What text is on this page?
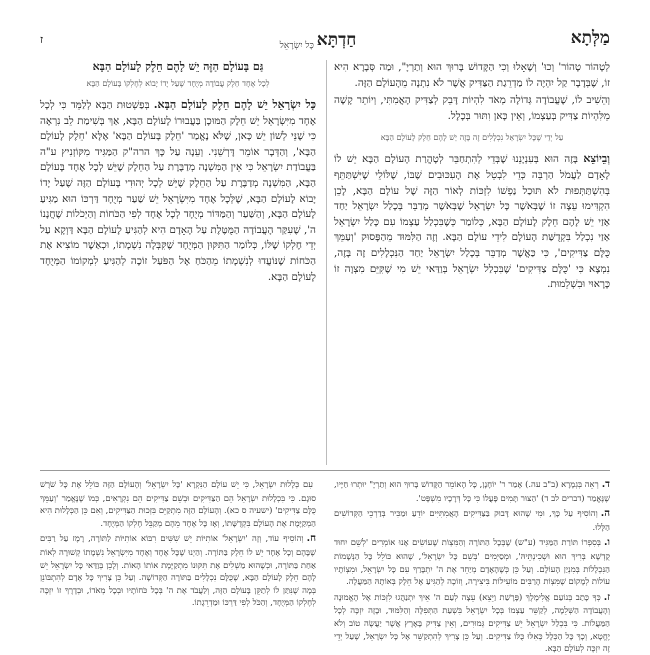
מַלְּתָא
חַדְתָּא כָּל יִשְׂרָאֵל
ז

לְטָהוֹר טָהוֹר' וְכוּ' וְשֶׁאָלוּ וְכִי הַקָּדוֹשׁ בָּרוּךְ הוּא וְתַרְיָ", וּמַה סְּבָרָא הִיא זוֹ, שֶׁבְּדָבָר קַל יִהְיֶה לוֹ מַדְרֵגַת הַצַּדִּיק אֲשֶׁר לֹא נִתְנָה מֵהָעוֹלָם הַזֶּה.

וְהֵשִׁיב לוֹ, שֶׁעֲבוֹדָה גְּדוֹלָה מְאֹד לִהְיוֹת דָּבֵק לְצַדִּיק הָאֲמִתִּי, וְיוֹתֵר קָשֶׁה מֵלִּהְיוֹת צַדִּיק בְּעַצְמוֹ, וְאֵין כָּאן וִתּוּר בְּכָלָל.

עַל יְדֵי שֶׁכָּל יִשְׂרָאֵל נִכְלָלִים זֶה בָּזֶה יֵשׁ לָהֶם חֵלֶק לָעוֹלָם הַבָּא

וְבֵיוֹצֵא בָּזֶה הוּא בְּעִנְיָנֵנוּ שֶׁבְּדֵי לְהִתְחַבֵּר לְטָהֳרַת הָעוֹלָם הַבָּא יֵשׁ לוֹ לָאָדָם לַעֲמֹל הַרְבֵּה כְּדֵי לִבְטֵל אֶת הָעִכּוּבִים שֶׁבּוֹ, שֶׁלּוֹלֵי שֶׁיִּשְׁתַּתֵּף בְּהִשְׁתַּתְּפוּת לֹא תּוּכַל נַפְשׁוֹ לִזְכּוֹת לְאוֹר הַזֶּה שֶׁל עוֹלָם הַבָּא, לָכֵן הִקְדִּימוּ עֵצָה זוֹ שֶׁבְּאֹשֶׁר כָּל יִשְׂרָאֵל שֶׁבְּאֹשֶׁר מְדַבֵּר בְּכָלַל יִשְׂרָאֵל יַחַד אַזַי יֵשׁ לָהֶם חֵלֶק לָעוֹלָם הַבָּא, כְּלוֹמַר כְּשֶׁבִּכְלַל עַצְמוֹ עִם כָּלַל יִשְׂרָאֵל אַזַי נִכְלַל בִּקְדֻשַּׁת הָעוֹלָם לִידֵי עוֹלָם הַבָּא. וְזֶה הַלִּמּוּד מֵהַפָּסוּק 'וְעַמֵּךְ כֻּלָּם צַדִּיקִים', כִּי כַּאֲשֶׁר מְדַבֵּר בְּכָלַל יִשְׂרָאֵל יַחַד הַנִּכְלָלִים זֶה בָּזֶה, נִמְצָא כִּי 'כֻּלָּם צַדִּיקִים' שֶׁבִּכְלַל יִשְׂרָאֵל בְּוַדַּאי יֵשׁ מִי שֶׁקִּיֵּם מִצְוָה זוֹ כָּרָאוּי וּבִשְׁלֵמוּת.

גַּם בָּעוֹלָם הַזֶּה יֵשׁ לָהֶם חֵלֶק לָעוֹלָם הַבָּא

לְכָל אֶחָד חֵלֶק עֲבוֹדָה מְיֻחָד שֶׁעַל יָדוֹ יָבוֹא לְחֶלְקוֹ בָּעוֹלָם הַבָּא

כָּל יִשְׂרָאֵל יֵשׁ לָהֶם חֵלֶק לָעוֹלָם הַבָּא. בְּפַשְׁטוּת הַבָּא לְלַמֵּד כִּי לְכָל אֶחָד מִיִּשְׂרָאֵל יֵשׁ חֵלֶק הַמּוּכָן בַּעֲבוּרוֹ לָעוֹלָם הַבָּא, אַךְ בְּשִׁימַת לֵב נִרְאֶה כִּי שֶׁנֵּי לְשׁוֹן יֵשׁ כָּאן, שֶׁלֹּא נֶאֱמַר 'חֵלֶק בָּעוֹלָם הַבָּא' אֶלָּא 'חֵלֶק לָעוֹלָם הַבָּא', וְהַדְּבָר אוֹמֵר דָּרְשֵׁנִי. וְעֵנָה עַל כָּךְ הרה"ק הַמַּגִּיד מִקּוֹזְנִיץ ע"ה בַּעֲבוֹדַת יִשְׂרָאֵל כִּי אֵין הַמִּשְׁנָה מְדַבֶּרֶת עַל הַחֵלֶק שֶׁיֵּשׁ לְכָל אֶחָד בָּעוֹלָם הַבָּא, הַמִּשְׁנָה מְדַבֶּרֶת עַל הַחֵלֶק שֶׁיֵּשׁ לְכָל יְהוּדִי בָּעוֹלָם הַזֶּה שֶׁעַל יָדוֹ יָבוֹא לָעוֹלָם הַבָּא, שֶׁלְּכָל אֶחָד מִיִּשְׂרָאֵל יֵשׁ שַׁעַר מְיֻחָד דַּרְכּוֹ הוּא מַגִּיעַ לָעוֹלָם הַבָּא, וְהַשַּׁעַר וְהַמַּדּוֹר מְיֻחָד לְכָל אֶחָד לְפִי הַכֹּחוֹת וְהַיְכֹלוֹת שֶׁחֲנָנוֹ ה', שֶׁעִקַּר הָעֲבוֹדָה הַמֻּטֶּלֶת עַל הָאָדָם הִיא לְהַגִּיעַ לָעוֹלָם הַבָּא דַּוְקָא עַל יְדֵי חֶלְקוֹ שֶׁלּוֹ, כְּלוֹמַר הַתִּקּוּן הַמְּיֻחָד שֶׁקִּבְּלָה נִשְׁמָתוֹ, וּכְאַשֶׁר מוֹצִיא אֶת הַכֹּחוֹת שֶׁנּוֹעֲדוּ לְנִשְׁמָתוֹ מֵהַכֹּחַ אֶל הַפֹּעַל זוֹכֶה לְהַגִּיעַ לִמְקוֹמוֹ הַמְּיֻחָד לָעוֹלָם הַבָּא.

ד.רְאֵה בְּגְמָרָא (ב"ב עה.) אָמַר ר' יוֹחָנָן, כָּל הָאוֹמֵר הַקָּדוֹשׁ בָּרוּךְ הוּא וְתַרְיָ" יוּתְרוּ חַיָּיו, שֶׁנֶּאֱמַר (דברים לב ד) 'הַצּוּר תָּמִים פָּעֳלוֹ כִּי כָּל דְּרָכָיו מִשְׁפָּט'.

ה.וְהוֹסִיף עַל כָּךְ, וּמִי שֶׁהוּא דָּבוּק בַּצַּדִּיקִים הָאֲמִתִּיִּים יוֹדֵעַ וּמַכִּיר בְּדַרְכֵי הַקְּדוֹשִׁים הַלָּלוּ.

ו.בְּסִפְרוֹ תּוֹרַת הַמַּגִּיד (ע"ש) שֶׁבְּכָל הַתּוֹרָה וְהַמִּצְוֹת שֶׁעוֹשִׂים אָנוּ אוֹמְרִים 'לְשֵׁם יִחוּד קֻדְשָׁא בְּרִיךְ הוּא וּשְׁכִינְתֵּיהּ', וּמְסַיְּמִים 'בְּשֵׁם כָּל יִשְׂרָאֵל', שֶׁהוּא כּוֹלֵל כָּל הַנְּשָׁמוֹת הַנִּכְלָלוֹת בְּמִנְיַן הָעוֹלָם. וְעַל כֵּן כְּשֶׁהָאָדָם מְיַחֵד אֶת ה' יִתְבָּרַךְ עִם כָּל יִשְׂרָאֵל, וּמִצְוֹתָיו עוֹלוֹת לְמָקוֹם שֶׁמִּצְוֹת הָרַבִּים מוֹעִילוֹת בִּיצִירָה, וְזוֹכֶה לְהַגִּיעַ אֶל חֵלֶק בְּאוֹתָהּ הַמַּעֲלָה.

ז.כְּךָ כָּתַב בְּנוֹעַם אֱלִימֶלֶךְ (פָּרָשַׁת וַיֵּצֵא) עֵצָה לְעַם ה' אֵיךְ יִתְנַהֲגוּ לִזְכּוֹת אֶל הָאֱמוּנָה וְהָעֲבוֹדָה הַשְּׁלֵמָה, לְקַשֵּׁר עַצְמוֹ בְּכָל יִשְׂרָאֵל בִּשְׁעַת הַתְּפִלָּה וְהַלִּמּוּד, וּבָזֶה יִזְכֶּה לְכָל הַמַּעֲלוֹת. כִּי בִּכְלַל יִשְׂרָאֵל יֵשׁ צַדִּיקִים גְּמוּרִים, וְאֵין צַדִּיק בָּאָרֶץ אֲשֶׁר יַעֲשֶׂה טוֹב וְלֹא יֶחֱטָא, וְכָךְ כָּל הַכְּלָל כְּאִלּוּ כֻּלּוֹ צַדִּיקִים. וְעַל כֵּן צָרִיךְ לְהִתְקַשֵּׁר אֶל כָּל יִשְׂרָאֵל, שֶׁעַל יְדֵי זֶה יִזְכֶּה לְעוֹלָם הַבָּא.

עִם כְּלָלוּת יִשְׂרָאֵל, כִּי יֵשׁ עוֹלָם הַנִּקְרָא 'כָּל יִשְׂרָאֵל' וְהָעוֹלָם הַזֶּה כּוֹלֵל אֶת כָּל שֹׁרֶשׁ סוּגָם. כִּי בִּכְלָלוּת יִשְׂרָאֵל הֵם הַצַּדִּיקִים וּבְשֵׁם צַדִּיקִים הֵם נִקְרָאִים, כְּמוֹ שֶׁנֶּאֱמַר 'וְעַמֵּךְ כֻּלָּם צַדִּיקִים' (ישעיה ס כא). וְהָעוֹלָם הַזֶּה מִתְקַיֵּם בִּזְכוּת הַצַּדִּיקִים, וְאִם כֵּן הַכְּלָלוּת הִיא הַמְקַיֶּמֶת אֶת הָעוֹלָם בִּקְדֻשָּׁתוֹ, וְאָז כָּל אֶחָד מֵהֶם מְקַבֵּל חֶלְקוֹ הַמְּיֻחָד.

ח.וְהוֹסִיף עוֹד, וְזֶה 'יִשְׂרָאֵל' אוֹתִיּוֹת יֵשׁ שִׁשִּׁים רִבּוֹא אוֹתִיּוֹת לַתּוֹרָה, רָמֶז עַל רַבִּים שֶׁבָּהֶם וְכָל אֶחָד יֵשׁ לוֹ חֵלֶק בַּתּוֹרָה. וְהַיְנוּ שֶׁכָּל אֶחָד וְאֶחָד מִיִּשְׂרָאֵל נִשְׁמָתוֹ קְשׁוּרָה לְאוֹת אַחַת בַּתּוֹרָה, וּכְשֶׁהוּא מַשְׁלִים אֶת תִּקּוּנוֹ מִתְקַיֶּמֶת אוֹתוֹ הָאוֹת. וְלָכֵן בְּוַדַּאי כָּל יִשְׂרָאֵל יֵשׁ לָהֶם חֵלֶק לָעוֹלָם הַבָּא, שֶׁכֻּלָּם נִכְלָלִים בַּתּוֹרָה הַקְּדוֹשָׁה. וְעַל כֵּן צָרִיךְ כָּל אָדָם לְהִתְבּוֹנֵן בְּמָה שֶׁנִּתַּן לוֹ לְתַקֵּן בָּעוֹלָם הַזֶּה, וְלַעֲבֹד אֶת ה' בְּכָל כֹּחוֹתָיו וּבְכָל מְאֹדוֹ, וּבְדֶרֶךְ זוֹ יִזְכֶּה לְחֶלְקוֹ הַמְּיֻחָד, וְהַכֹּל לְפִי דַּרְכּוֹ וּמַדְרֵגָתוֹ.
